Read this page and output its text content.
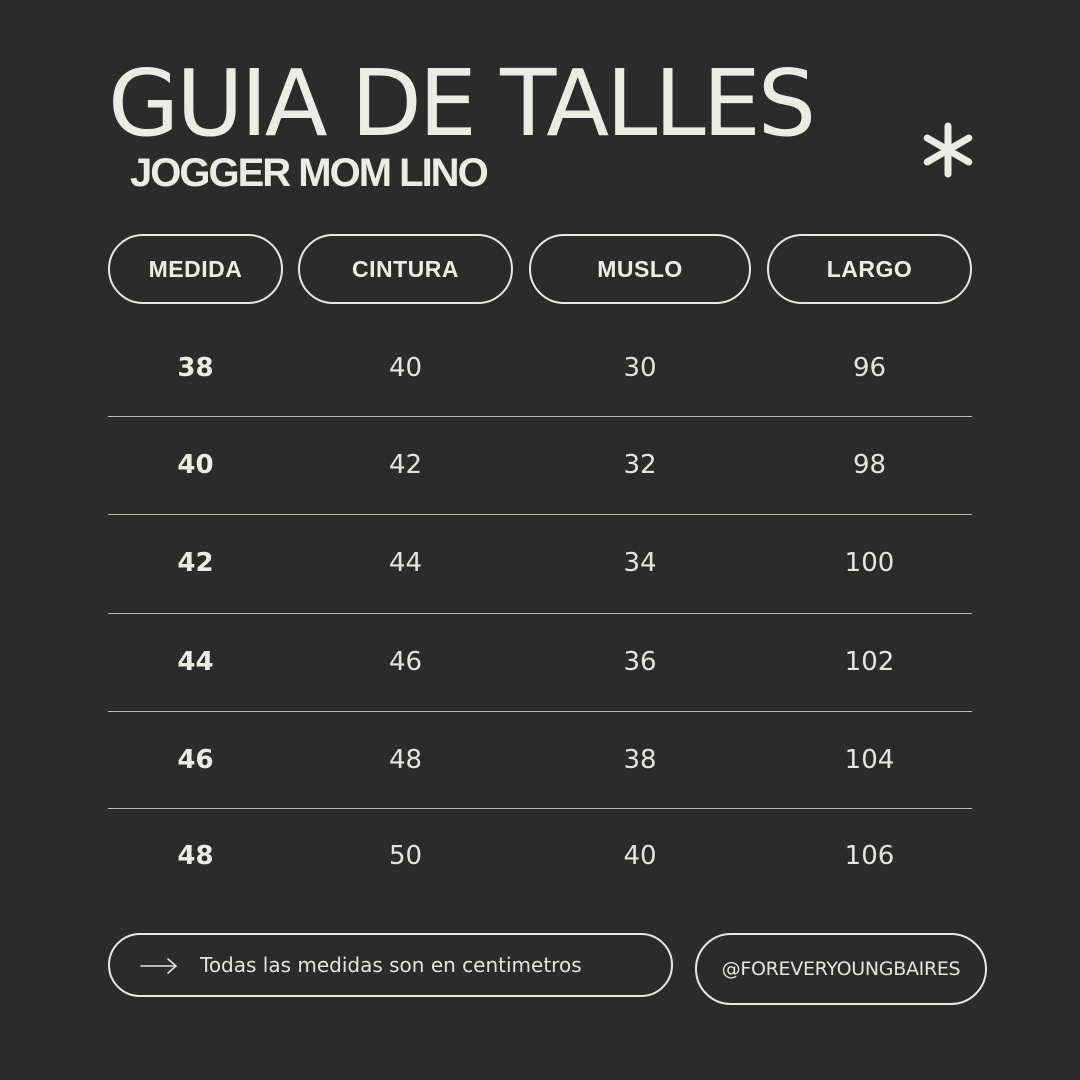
GUIA DE TALLES
JOGGER MOM LINO
MEDIDA	CINTURA	MUSLO	LARGO
38	40	30	96
40	42	32	98
42	44	34	100
44	46	36	102
46	48	38	104
48	50	40	106
Todas las medidas son en centimetros	@FOREVERYOUNGBAIRES
